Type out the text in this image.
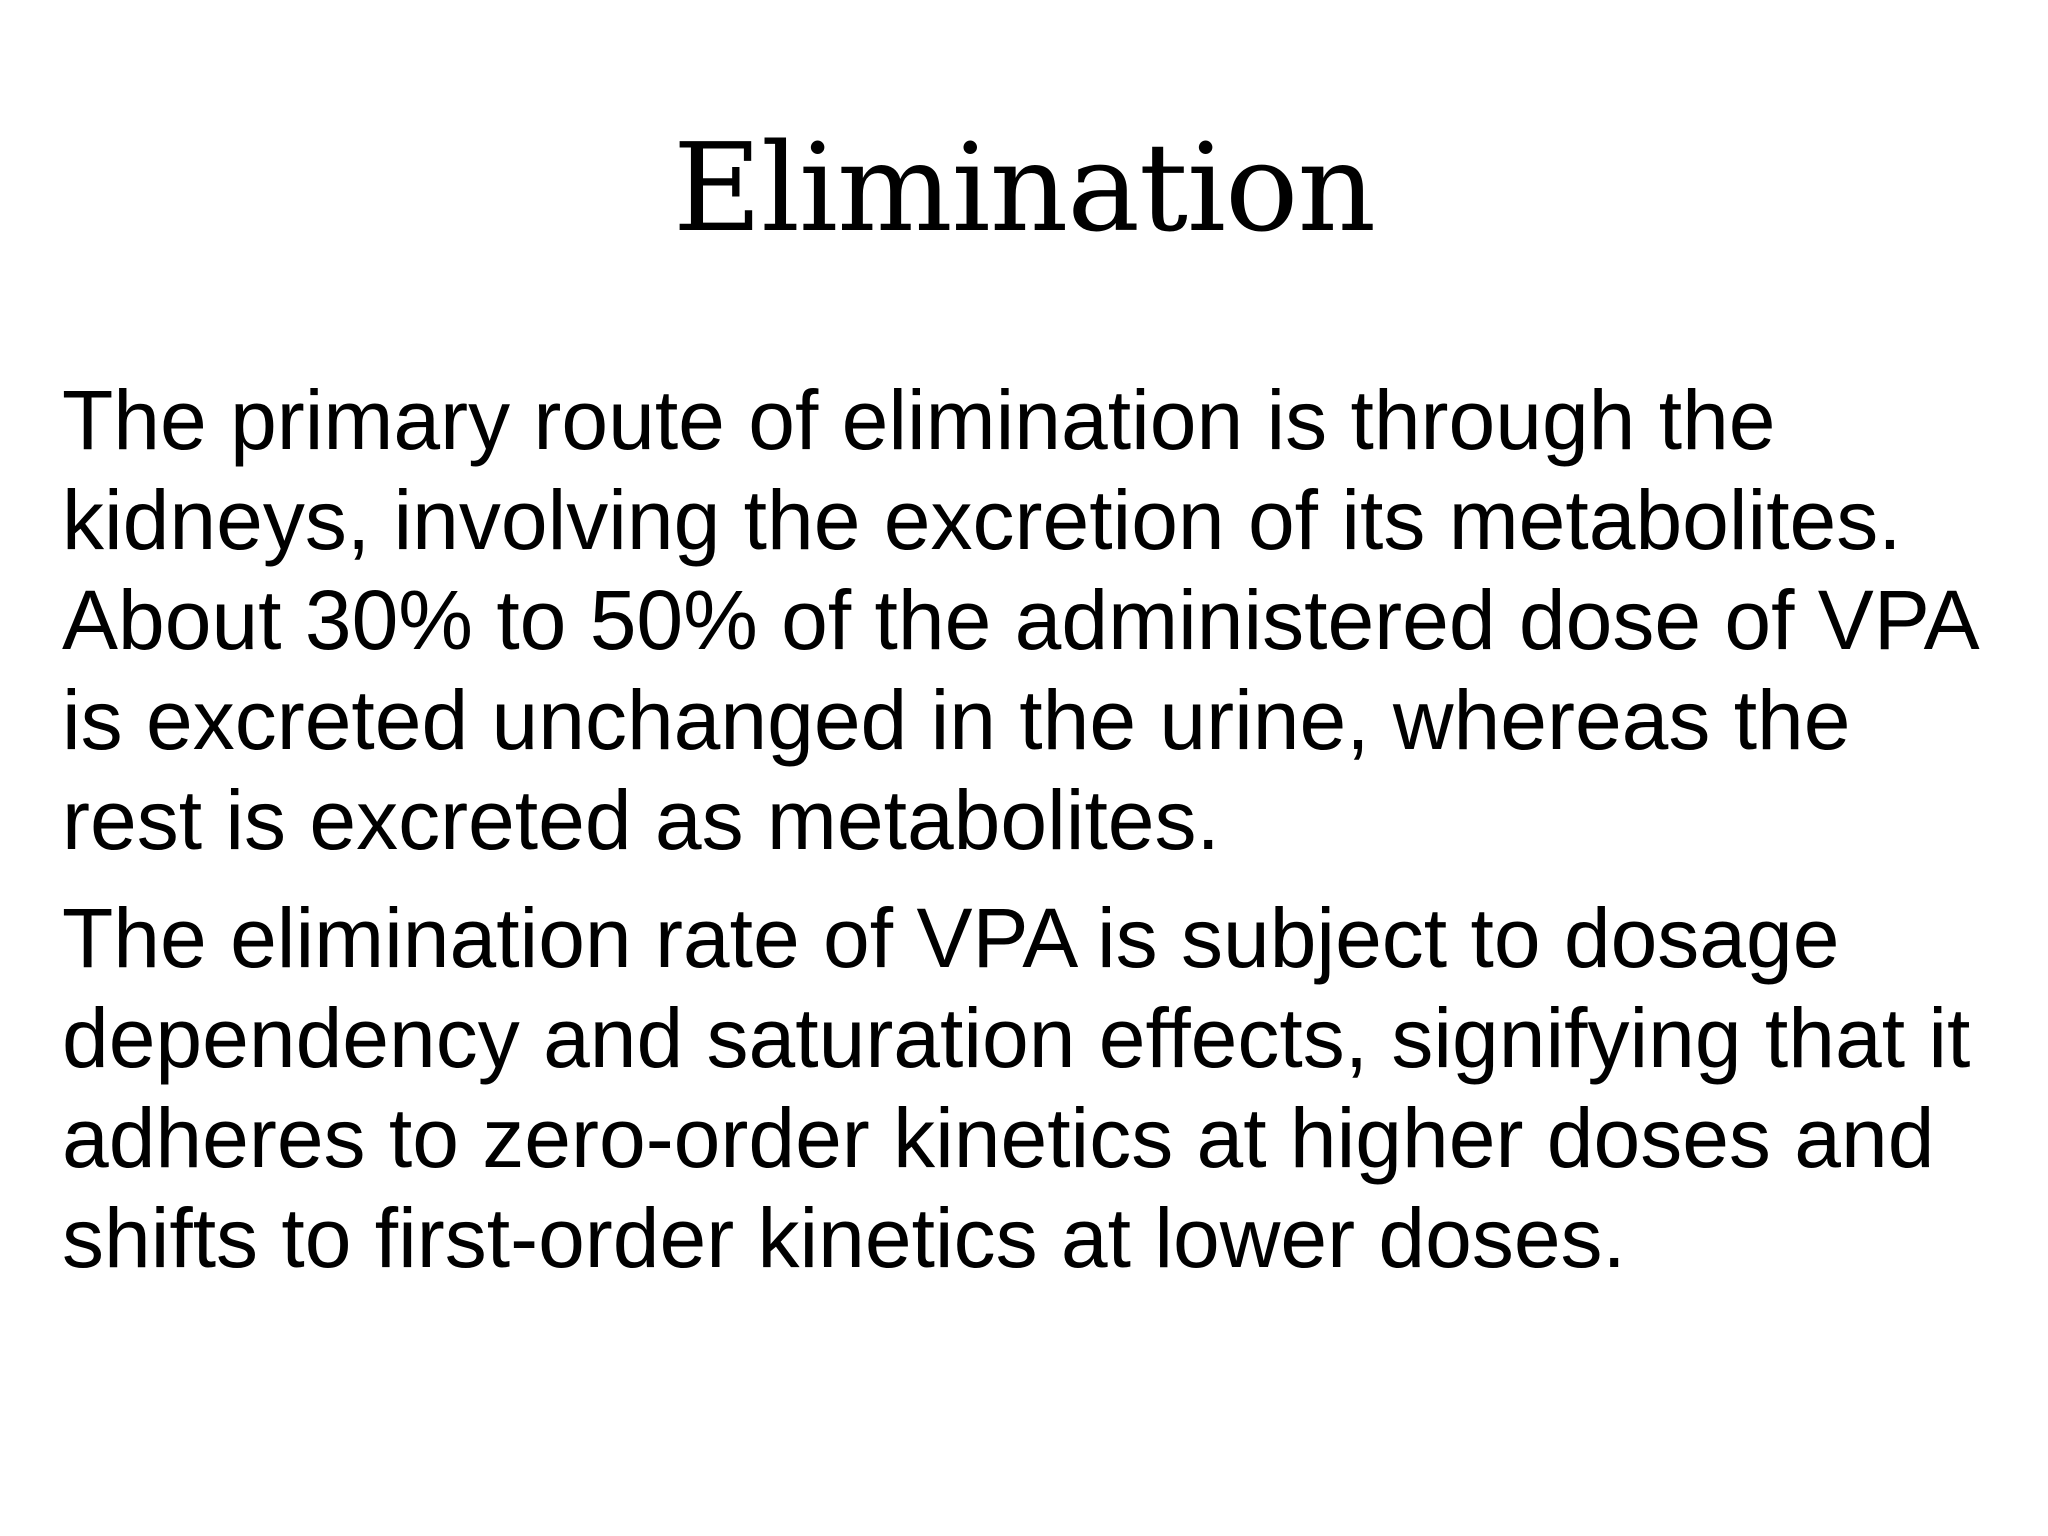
Elimination

The primary route of elimination is through the kidneys, involving the excretion of its metabolites. About 30% to 50% of the administered dose of VPA is excreted unchanged in the urine, whereas the rest is excreted as metabolites.

The elimination rate of VPA is subject to dosage dependency and saturation effects, signifying that it adheres to zero-order kinetics at higher doses and shifts to first-order kinetics at lower doses.
